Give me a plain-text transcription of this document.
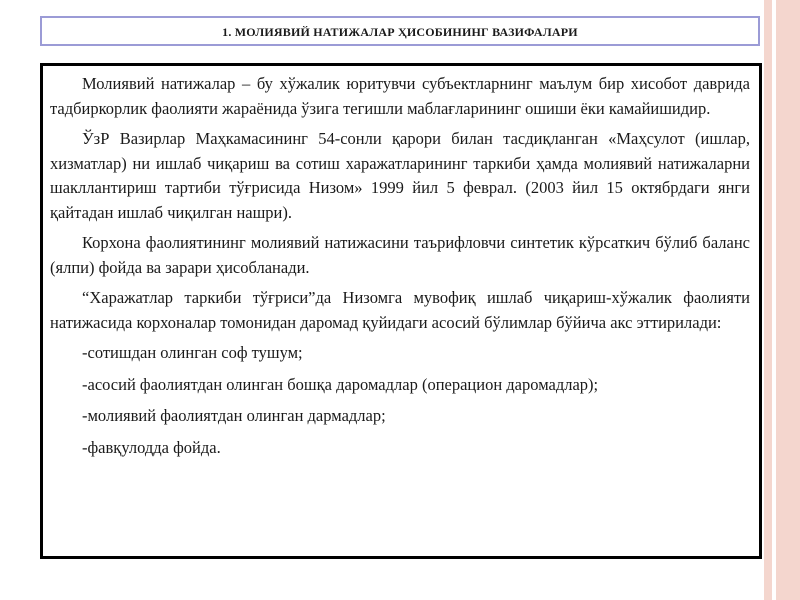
1. МОЛИЯВИЙ НАТИЖАЛАР ҲИСОБИНИНГ ВАЗИФАЛАРИ

Молиявий натижалар – бу хўжалик юритувчи субъектларнинг маълум бир хисобот даврида тадбиркорлик фаолияти жараёнида ўзига тегишли маблағларининг ошиши ёки камайишидир.

ЎзР Вазирлар Маҳкамасининг 54-сонли қарори билан тасдиқланган «Маҳсулот (ишлар, хизматлар) ни ишлаб чиқариш ва сотиш харажатларининг таркиби ҳамда молиявий натижаларни шакллантириш тартиби тўғрисида Низом» 1999 йил 5 феврал. (2003 йил 15 октябрдаги янги қайтадан ишлаб чиқилган нашри).

Корхона фаолиятининг молиявий натижасини таърифловчи синтетик кўрсаткич бўлиб баланс (ялпи) фойда ва зарари ҳисобланади.

“Харажатлар таркиби тўғриси”да Низомга мувофиқ ишлаб чиқариш-хўжалик фаолияти натижасида корхоналар томонидан даромад қуйидаги асосий бўлимлар бўйича акс эттирилади:

-сотишдан олинган соф тушум;

-асосий фаолиятдан олинган бошқа даромадлар (операцион даромадлар);

-молиявий фаолиятдан олинган дармадлар;

-фавқулодда фойда.
